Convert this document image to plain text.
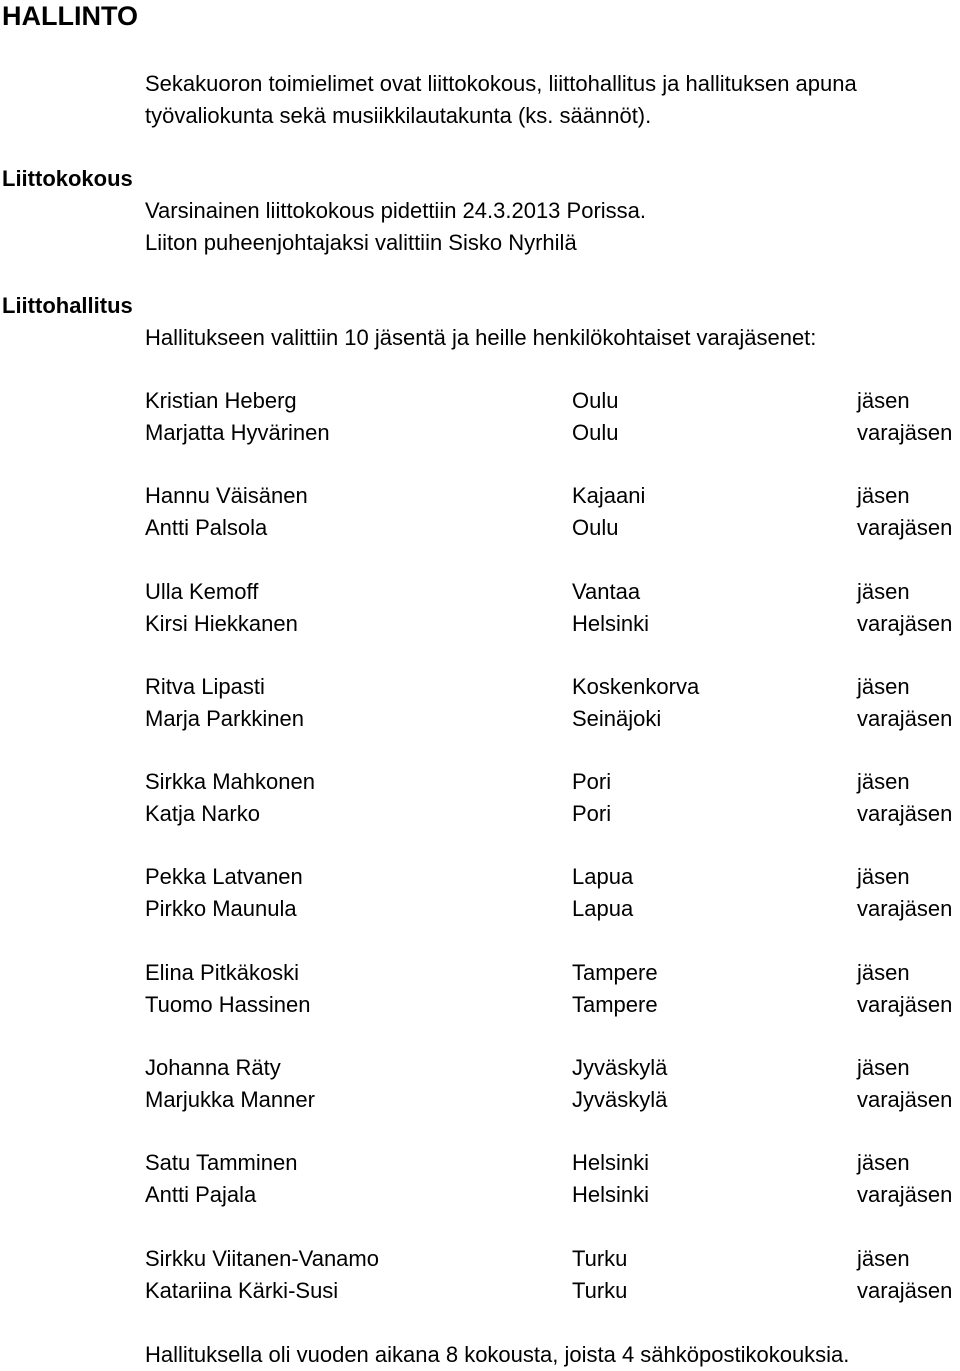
HALLINTO

Sekakuoron toimielimet ovat liittokokous, liittohallitus ja hallituksen apuna

työvaliokunta sekä musiikkilautakunta (ks. säännöt).

Liittokokous

Varsinainen liittokokous pidettiin 24.3.2013 Porissa.

Liiton puheenjohtajaksi valittiin Sisko Nyrhilä

Liittohallitus

Hallitukseen valittiin 10 jäsentä ja heille henkilökohtaiset varajäsenet:

Kristian Heberg	Oulu	jäsen
Marjatta Hyvärinen	Oulu	varajäsen
Hannu Väisänen	Kajaani	jäsen
Antti Palsola	Oulu	varajäsen
Ulla Kemoff	Vantaa	jäsen
Kirsi Hiekkanen	Helsinki	varajäsen
Ritva Lipasti	Koskenkorva	jäsen
Marja Parkkinen	Seinäjoki	varajäsen
Sirkka Mahkonen	Pori	jäsen
Katja Narko	Pori	varajäsen
Pekka Latvanen	Lapua	jäsen
Pirkko Maunula	Lapua	varajäsen
Elina Pitkäkoski	Tampere	jäsen
Tuomo Hassinen	Tampere	varajäsen
Johanna Räty	Jyväskylä	jäsen
Marjukka Manner	Jyväskylä	varajäsen
Satu Tamminen	Helsinki	jäsen
Antti Pajala	Helsinki	varajäsen
Sirkku Viitanen-Vanamo	Turku	jäsen
Katariina Kärki-Susi	Turku	varajäsen

Hallituksella oli vuoden aikana 8 kokousta, joista 4 sähköpostikokouksia.
